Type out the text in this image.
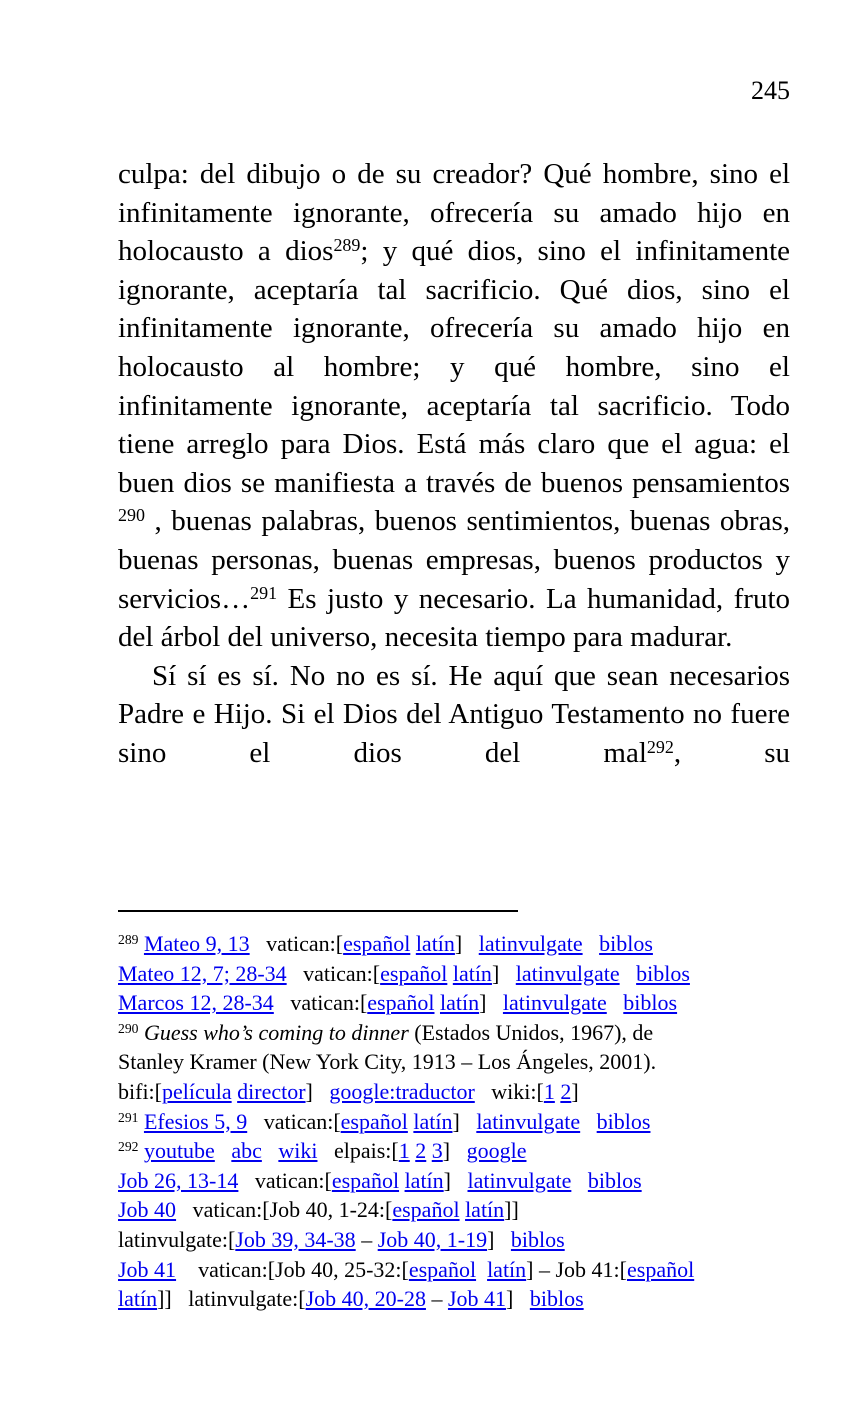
245

culpa: del dibujo o de su creador? Qué hombre, sino el infinitamente ignorante, ofrecería su amado hijo en holocausto a dios$^{289}$; y qué dios, sino el infinitamente ignorante, aceptaría tal sacrificio. Qué dios, sino el infinitamente ignorante, ofrecería su amado hijo en holocausto al hombre; y qué hombre, sino el infinitamente ignorante, aceptaría tal sacrificio. Todo tiene arreglo para Dios. Está más claro que el agua: el buen dios se manifiesta a través de buenos pensamientos $^{290}$ , buenas palabras, buenos sentimientos, buenas obras, buenas personas, buenas empresas, buenos productos y servicios…$^{291}$ Es justo y necesario. La humanidad, fruto del árbol del universo, necesita tiempo para madurar.

Sí sí es sí. No no es sí. He aquí que sean necesarios Padre e Hijo. Si el Dios del Antiguo Testamento no fuere sino el dios del mal$^{292}$, su

$^{289}$ Mateo 9, 13   vatican:[español latín]   latinvulgate biblos
Mateo 12, 7; 28-34   vatican:[español latín]   latinvulgate biblos
Marcos 12, 28-34   vatican:[español latín]   latinvulgate biblos
$^{290}$ Guess who’s coming to dinner (Estados Unidos, 1967), de
Stanley Kramer (New York City, 1913 – Los Ángeles, 2001).
bifi:[película director]   google:traductor   wiki:[1 2]
$^{291}$ Efesios 5, 9   vatican:[español latín]   latinvulgate biblos
$^{292}$ youtube abc wiki   elpais:[1 2 3]   google
Job 26, 13-14   vatican:[español latín]   latinvulgate biblos
Job 40   vatican:[Job 40, 1-24:[español latín]]
latinvulgate:[Job 39, 34-38 – Job 40, 1-19]   biblos
Job 41    vatican:[Job 40, 25-32:[español latín] – Job 41:[español
latín]]   latinvulgate:[Job 40, 20-28 – Job 41]   biblos
